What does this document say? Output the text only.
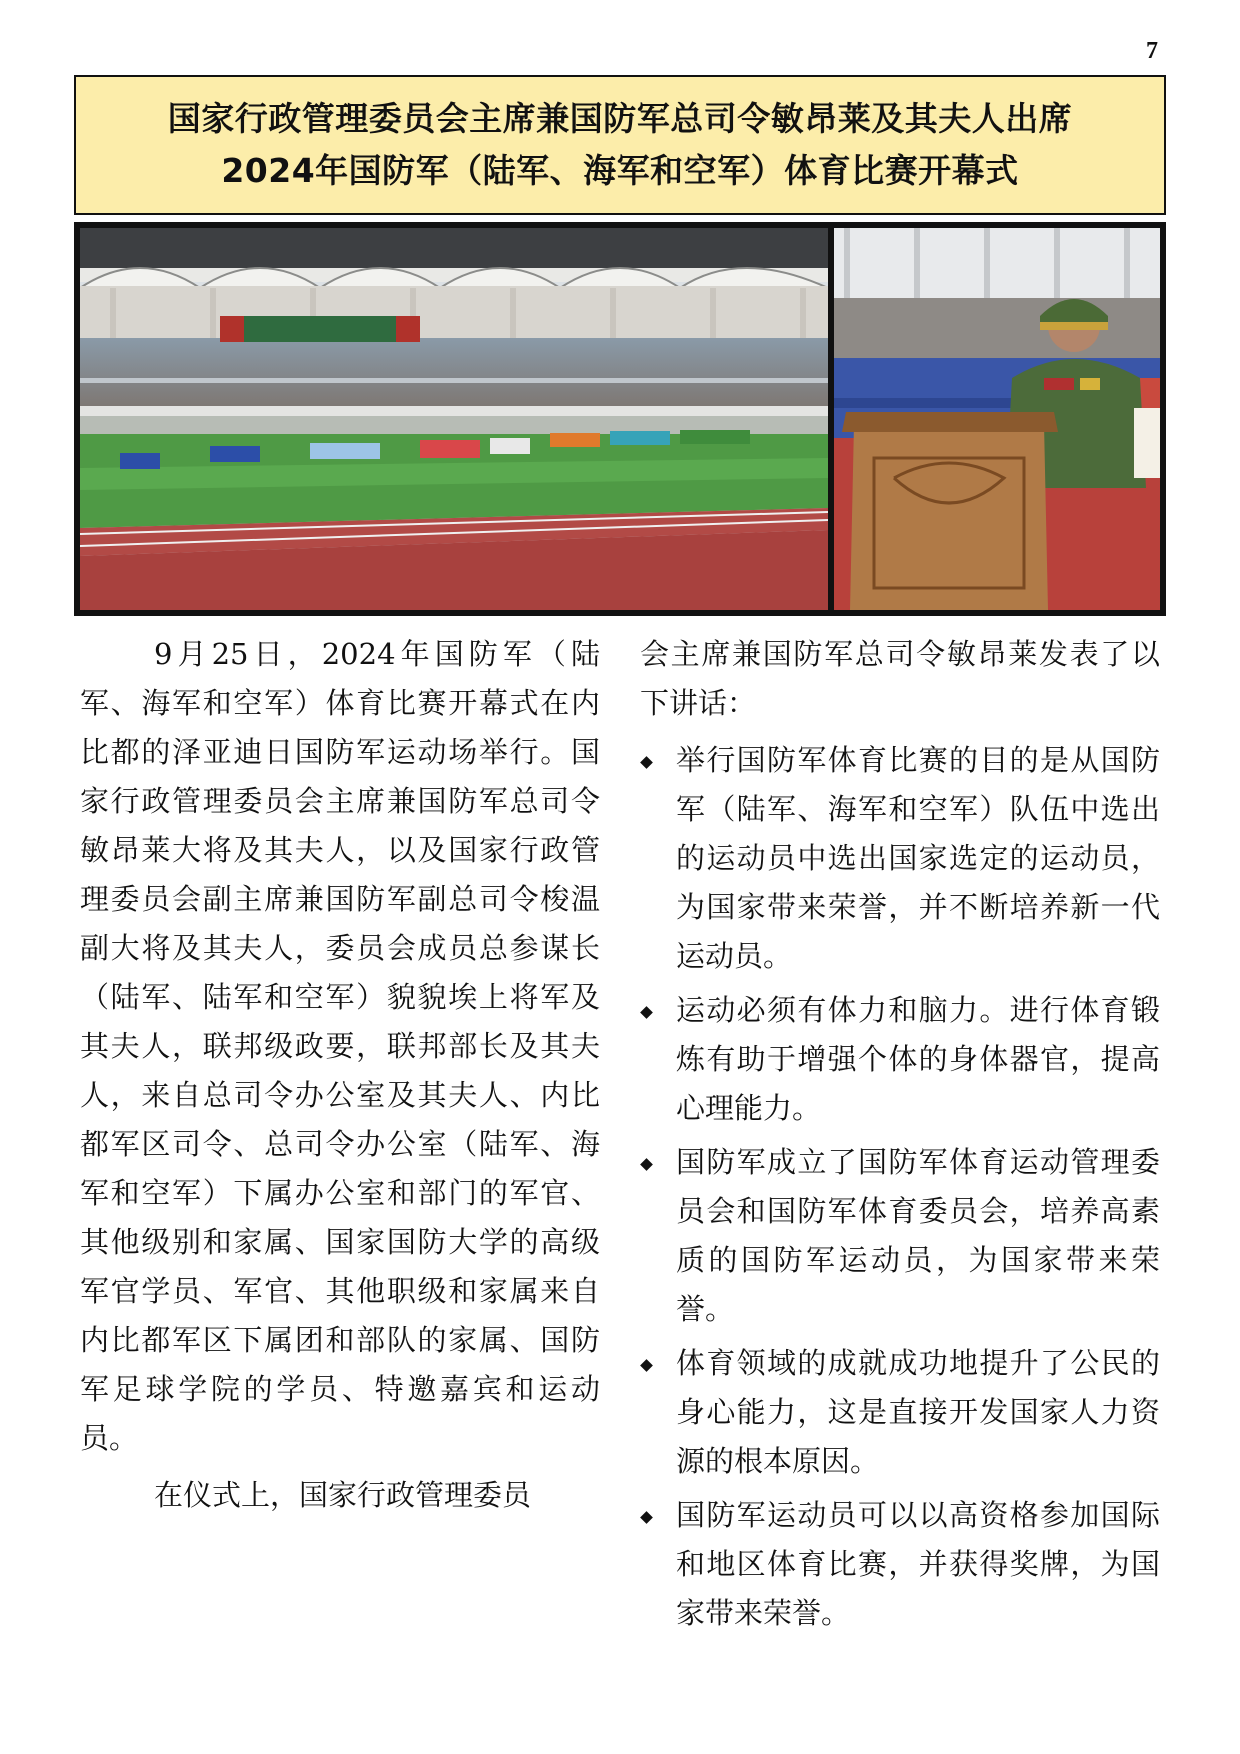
7
国家行政管理委员会主席兼国防军总司令敏昂莱及其夫人出席
2024年国防军（陆军、海军和空军）体育比赛开幕式

9月25日，2024年国防军（陆军、海军和空军）体育比赛开幕式在内比都的泽亚迪日国防军运动场举行。国家行政管理委员会主席兼国防军总司令敏昂莱大将及其夫人，以及国家行政管理委员会副主席兼国防军副总司令梭温副大将及其夫人，委员会成员总参谋长（陆军、陆军和空军）貌貌埃上将军及其夫人，联邦级政要，联邦部长及其夫人，来自总司令办公室及其夫人、内比都军区司令、总司令办公室（陆军、海军和空军）下属办公室和部门的军官、其他级别和家属、国家国防大学的高级军官学员、军官、其他职级和家属来自内比都军区下属团和部队的家属、国防军足球学院的学员、特邀嘉宾和运动员。

在仪式上，国家行政管理委员

会主席兼国防军总司令敏昂莱发表了以下讲话：

举行国防军体育比赛的目的是从国防军（陆军、海军和空军）队伍中选出的运动员中选出国家选定的运动员，为国家带来荣誉，并不断培养新一代运动员。
运动必须有体力和脑力。进行体育锻炼有助于增强个体的身体器官，提高心理能力。
国防军成立了国防军体育运动管理委员会和国防军体育委员会，培养高素质的国防军运动员，为国家带来荣誉。
体育领域的成就成功地提升了公民的身心能力，这是直接开发国家人力资源的根本原因。
国防军运动员可以以高资格参加国际和地区体育比赛，并获得奖牌，为国家带来荣誉。
